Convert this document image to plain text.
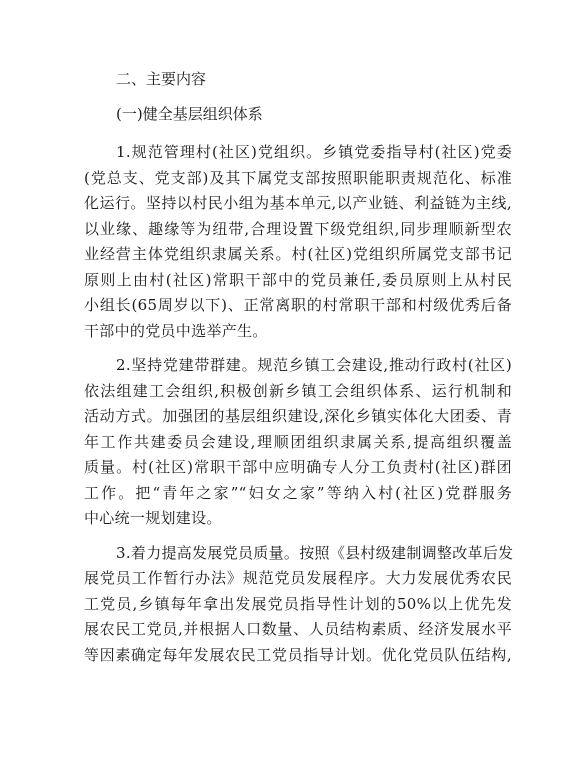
二、主要内容
(一)健全基层组织体系
1.规范管理村(社区)党组织。乡镇党委指导村(社区)党委
(党总支、党支部)及其下属党支部按照职能职责规范化、标准
化运行。坚持以村民小组为基本单元,以产业链、利益链为主线,
以业缘、趣缘等为纽带,合理设置下级党组织,同步理顺新型农
业经营主体党组织隶属关系。村(社区)党组织所属党支部书记
原则上由村(社区)常职干部中的党员兼任,委员原则上从村民
小组长(65周岁以下)、正常离职的村常职干部和村级优秀后备
干部中的党员中选举产生。
2.坚持党建带群建。规范乡镇工会建设,推动行政村(社区)
依法组建工会组织,积极创新乡镇工会组织体系、运行机制和
活动方式。加强团的基层组织建设,深化乡镇实体化大团委、青
年工作共建委员会建设,理顺团组织隶属关系,提高组织覆盖
质量。村(社区)常职干部中应明确专人分工负责村(社区)群团
工作。把“青年之家”“妇女之家”等纳入村(社区)党群服务
中心统一规划建设。
3.着力提高发展党员质量。按照《县村级建制调整改革后发
展党员工作暂行办法》规范党员发展程序。大力发展优秀农民
工党员,乡镇每年拿出发展党员指导性计划的50%以上优先发
展农民工党员,并根据人口数量、人员结构素质、经济发展水平
等因素确定每年发展农民工党员指导计划。优化党员队伍结构,
